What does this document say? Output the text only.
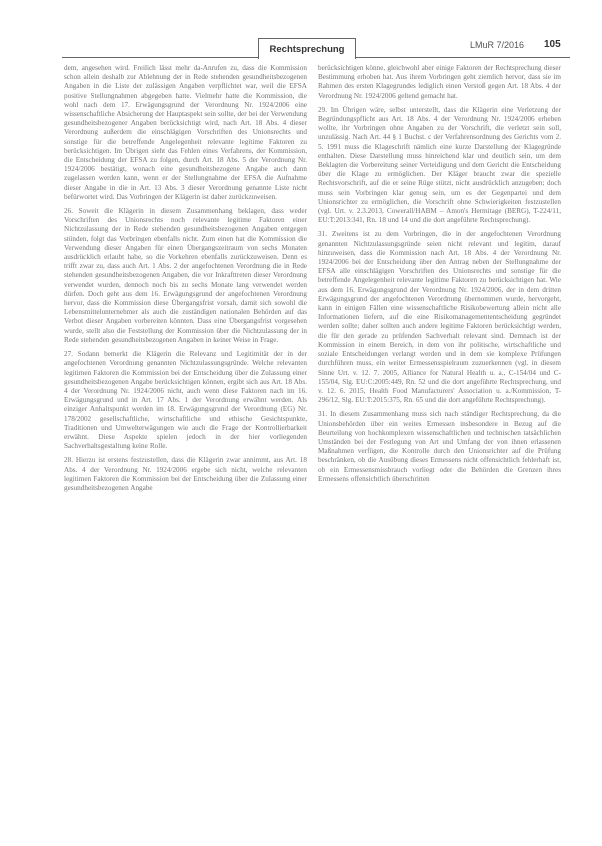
Rechtsprechung	LMuR 7/2016 105

dem, angesehen wird. Freilich lässt mehr da-Anrufen zu, dass die Kommission schon allein deshalb zur Ablehnung der in Rede stehenden gesundheitsbezogenen Angaben in die Liste der zulässigen Angaben verpflichtet war, weil die EFSA positive Stellungnahmen abgegeben hatte. Vielmehr hatte die Kommission, die wohl nach dem 17. Erwägungsgrund der Verordnung Nr. 1924/2006 eine wissenschaftliche Absicherung der Hauptaspekt sein sollte, der bei der Verwendung gesundheitsbezogener Angaben berücksichtigt wird, nach Art. 18 Abs. 4 dieser Verordnung außerdem die einschlägigen Vorschriften des Unionsrechts und sonstige für die betreffende Angelegenheit relevante legitime Faktoren zu berücksichtigen. Im Übrigen sieht das Fehlen eines Verfahrens, der Kommission, die Entscheidung der EFSA zu folgen, durch Art. 18 Abs. 5 der Verordnung Nr. 1924/2006 bestätigt, wonach eine gesundheitsbezogene Angabe auch dann zugelassen werden kann, wenn er der Stellungnahme der EFSA die Aufnahme dieser Angabe in die in Art. 13 Abs. 3 dieser Verordnung genannte Liste nicht befürwortet wird. Das Vorbringen der Klägerin ist daher zurückzuweisen.

26. Soweit die Klägerin in diesem Zusammenhang beklagen, dass weder Vorschriften des Unionsrechts noch relevante legitime Faktoren einer Nichtzulassung der in Rede stehenden gesundheitsbezogenen Angaben entgegen stünden, folgt das Vorbringen ebenfalls nicht. Zum einen hat die Kommission die Verwendung dieser Angaben für einen Übergangszeitraum von sechs Monaten ausdrücklich erlaubt habe, so die Vorkehren ebenfalls zurückzuweisen. Denn es trifft zwar zu, dass auch Art. 1 Abs. 2 der angefochtenen Verordnung die in Rede stehenden gesundheitsbezogenen Angaben, die vor Inkrafttreten dieser Verordnung verwendet wurden, dennoch noch bis zu sechs Monate lang verwendet werden dürfen. Doch geht aus dem 16. Erwägungsgrund der angefochtenen Verordnung hervor, dass die Kommission diese Übergangsfrist vorsah, damit sich sowohl die Lebensmittelunternehmer als auch die zuständigen nationalen Behörden auf das Verbot dieser Angaben vorbereiten könnten. Dass eine Übergangsfrist vorgesehen wurde, stellt also die Feststellung der Kommission über die Nichtzulassung der in Rede stehenden gesundheitsbezogenen Angaben in keiner Weise in Frage.

27. Sodann bemerkt die Klägerin die Relevanz und Legitimität der in der angefochtenen Verordnung genannten Nichtzulassungsgründe. Welche relevanten legitimen Faktoren die Kommission bei der Entscheidung über die Zulassung einer gesundheitsbezogenen Angabe berücksichtigen können, ergibt sich aus Art. 18 Abs. 4 der Verordnung Nr. 1924/2006 nicht, auch wenn diese Faktoren nach im 16. Erwägungsgrund und in Art. 17 Abs. 1 der Verordnung erwähnt werden. Als einziger Anhaltspunkt werden im 18. Erwägungsgrund der Verordnung (EG) Nr. 178/2002 gesellschaftliche, wirtschaftliche und ethische Gesichtspunkte, Traditionen und Umwelterwägungen wie auch die Frage der Kontrollierbarkeit erwähnt. Diese Aspekte spielen jedoch in der hier vorliegenden Sachverhaltsgestaltung keine Rolle.

28. Hierzu ist erstens festzustellen, dass die Klägerin zwar annimmt, aus Art. 18 Abs. 4 der Verordnung Nr. 1924/2006 ergebe sich nicht, welche relevanten legitimen Faktoren die Kommission bei der Entscheidung über die Zulassung einer gesundheitsbezogenen Angabe

berücksichtigen könne, gleichwohl aber einige Faktoren der Rechtsprechung dieser Bestimmung erhoben hat. Aus ihrem Vorbringen geht ziemlich hervor, dass sie im Rahmen des ersten Klagegrundes lediglich einen Verstoß gegen Art. 18 Abs. 4 der Verordnung Nr. 1924/2006 geltend gemacht hat.

29. Im Übrigen wäre, selbst unterstellt, dass die Klägerin eine Verletzung der Begründungspflicht aus Art. 18 Abs. 4 der Verordnung Nr. 1924/2006 erheben wollte, ihr Vorbringen ohne Angaben zu der Vorschrift, die verletzt sein soll, unzulässig. Nach Art. 44 § 1 Buchst. c der Verfahrensordnung des Gerichts vom 2. 5. 1991 muss die Klageschrift nämlich eine kurze Darstellung der Klagegründe enthalten. Diese Darstellung muss hinreichend klar und deutlich sein, um dem Beklagten die Vorbereitung seiner Verteidigung und dem Gericht die Entscheidung über die Klage zu ermöglichen. Der Kläger braucht zwar die spezielle Rechtsvorschrift, auf die er seine Rüge stützt, nicht ausdrücklich anzugeben; doch muss sein Vorbringen klar genug sein, um es der Gegenpartei und dem Unionsrichter zu ermöglichen, die Vorschrift ohne Schwierigkeiten festzustellen (vgl. Urt. v. 2.3.2013, Cowerall/HABM – Amon's Hermitage (BERG), T-224/11, EU:T:2013:341, Rn. 18 und 14 und die dort angeführte Rechtsprechung).

31. Zweitens ist zu dem Vorbringen, die in der angefochtenen Verordnung genannten Nichtzulassungsgründe seien nicht relevant und legitim, darauf hinzuweisen, dass die Kommission nach Art. 18 Abs. 4 der Verordnung Nr. 1924/2006 bei der Entscheidung über den Antrag neben der Stellungnahme der EFSA alle einschlägigen Vorschriften des Unionsrechts und sonstige für die betreffende Angelegenheit relevante legitime Faktoren zu berücksichtigen hat. Wie aus dem 16. Erwägungsgrund der Verordnung Nr. 1924/2006, der in dem dritten Erwägungsgrund der angefochtenen Verordnung übernommen wurde, hervorgeht, kann in einigen Fällen eine wissenschaftliche Risikobewertung allein nicht alle Informationen liefern, auf die eine Risikomanagemententscheidung gegründet werden sollte; daher sollten auch andere legitime Faktoren berücksichtigt werden, die für den gerade zu prüfenden Sachverhalt relevant sind. Demnach ist der Kommission in einem Bereich, in dem von ihr politische, wirtschaftliche und soziale Entscheidungen verlangt werden und in dem sie komplexe Prüfungen durchführen muss, ein weiter Ermessensspielraum zuzuerkennen (vgl. in diesem Sinne Urt. v. 12. 7. 2005, Alliance for Natural Health u. a., C-154/04 und C-155/04, Slg. EU:C:2005:449, Rn. 52 und die dort angeführte Rechtsprechung, und v. 12. 6. 2015, Health Food Manufacturers' Association u. a./Kommission, T-296/12, Slg. EU:T:2015:375, Rn. 65 und die dort angeführte Rechtsprechung).

31. In diesem Zusammenhang muss sich nach ständiger Rechtsprechung, da die Unionsbehörden über ein weites Ermessen insbesondere in Bezug auf die Beurteilung von hochkomplexen wissenschaftlichen und technischen tatsächlichen Umständen bei der Festlegung von Art und Umfang der von ihnen erlassenen Maßnahmen verfügen, die Kontrolle durch den Unionsrichter auf die Prüfung beschränken, ob die Ausübung dieses Ermessens nicht offensichtlich fehlerhaft ist, ob ein Ermessensmissbrauch vorliegt oder die Behörden die Grenzen ihres Ermessens offensichtlich überschritten
